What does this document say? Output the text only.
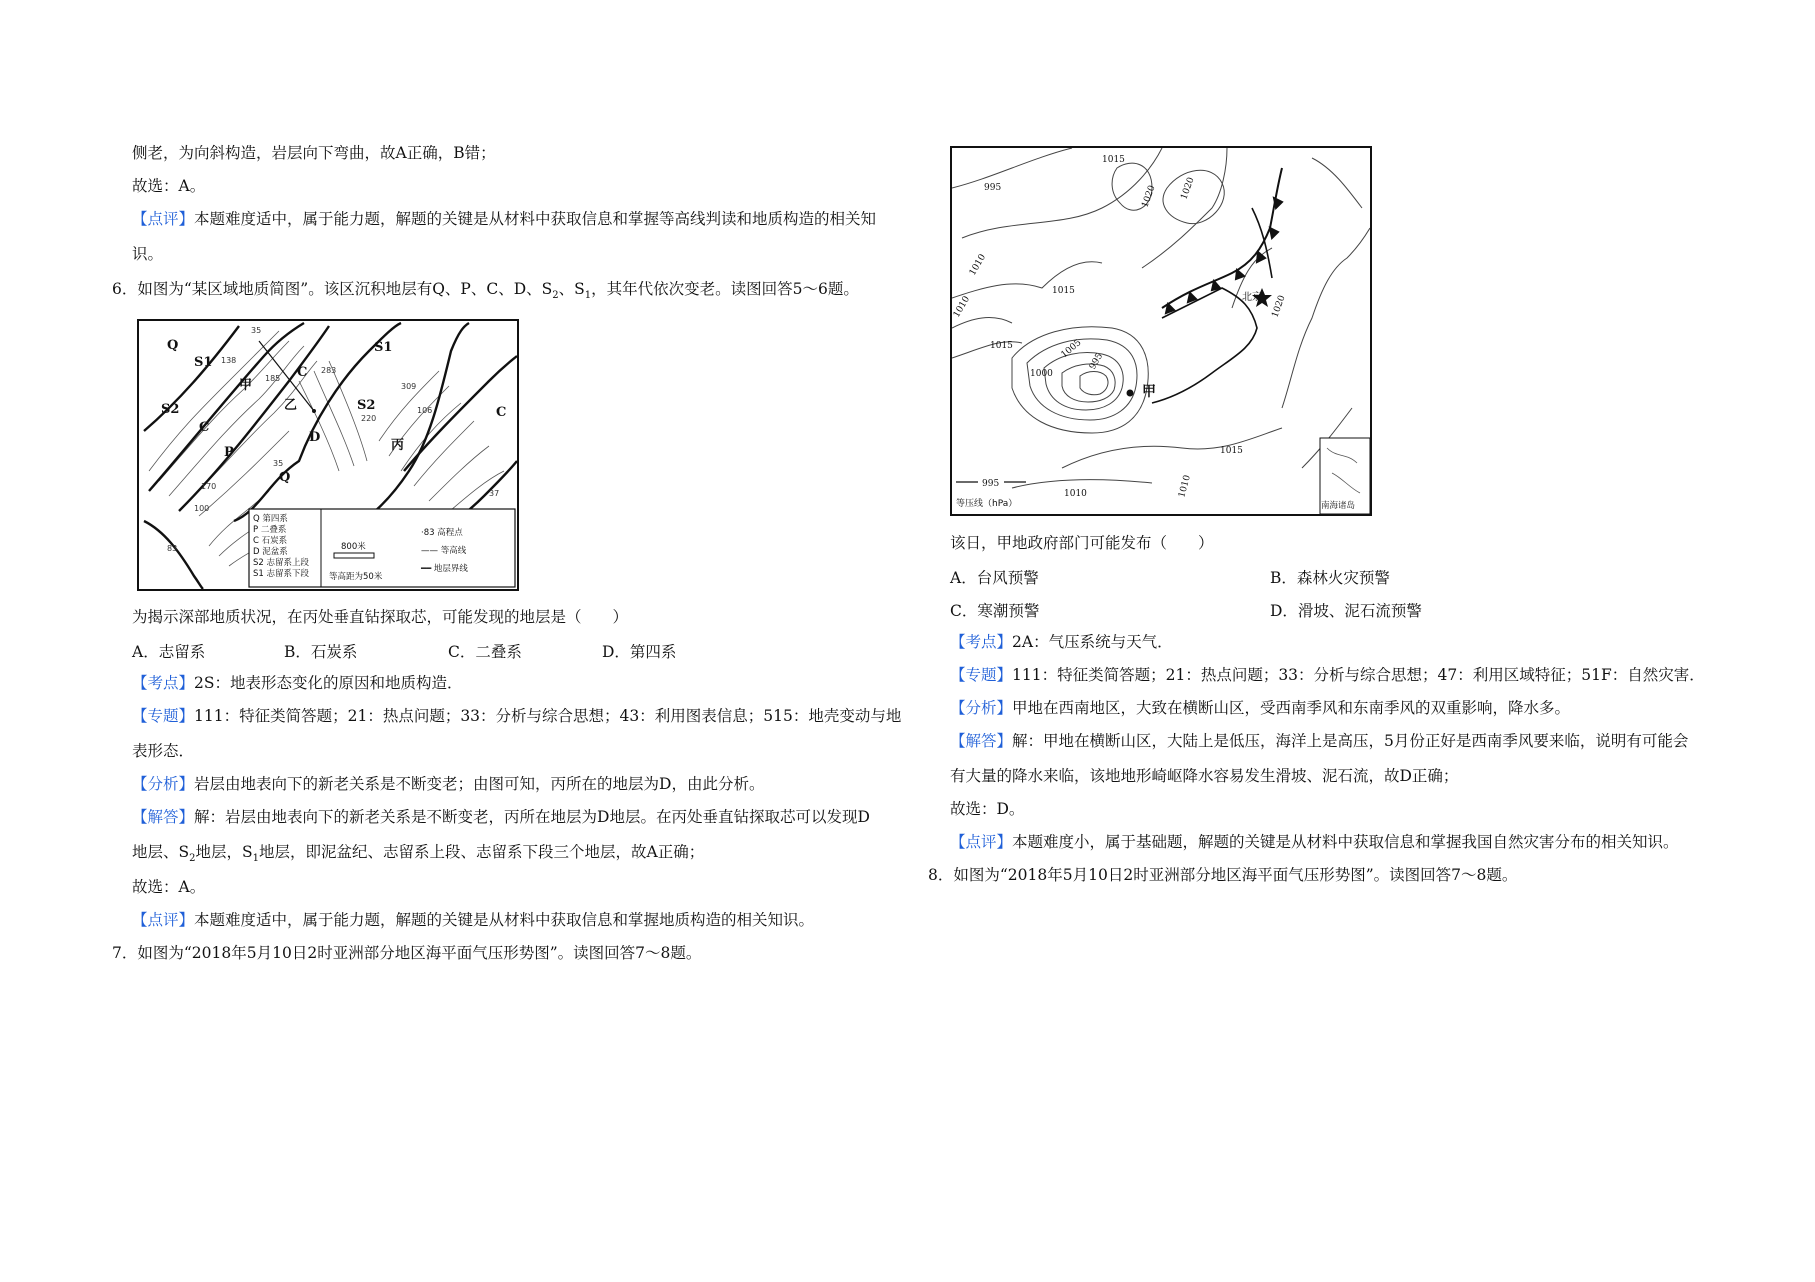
侧老，为向斜构造，岩层向下弯曲，故A正确，B错；
故选：A。
【点评】本题难度适中，属于能力题，解题的关键是从材料中获取信息和掌握等高线判读和地质构造的相关知
识。
6．如图为“某区域地质简图”。该区沉积地层有Q、P、C、D、$S_2$、$S_1$，其年代依次变老。读图回答5～6题。
Q
S1
S2
C
P
甲
乙
C
D
S1
S2	C
丙
Q
35
185
283
309
220
106
170
100
83
35
37
138
Q 第四系
P 二叠系
C 石炭系
D 泥盆系
S2 志留系上段
S1 志留系下段
800米
等高距为50米
·83 高程点
—— 等高线
━━ 地层界线
为揭示深部地质状况，在丙处垂直钻探取芯，可能发现的地层是（　　）
A．志留系	B．石炭系	C．二叠系	D．第四系
【考点】2S：地表形态变化的原因和地质构造．
【专题】111：特征类简答题；21：热点问题；33：分析与综合思想；43：利用图表信息；515：地壳变动与地
表形态．
【分析】岩层由地表向下的新老关系是不断变老；由图可知，丙所在的地层为D，由此分析。
【解答】解：岩层由地表向下的新老关系是不断变老，丙所在地层为D地层。在丙处垂直钻探取芯可以发现D
地层、$S_2$地层，$S_1$地层，即泥盆纪、志留系上段、志留系下段三个地层，故A正确；
故选：A。
【点评】本题难度适中，属于能力题，解题的关键是从材料中获取信息和掌握地质构造的相关知识。
7．如图为“2018年5月10日2时亚洲部分地区海平面气压形势图”。读图回答7～8题。
1015
995	1020 1020
1010
1015
1010
1015	1005
1000
995
1020
1015
1010	1010
甲
北京
995
等压线（hPa）	南海诸岛
该日，甲地政府部门可能发布（　　）
A．台风预警	B．森林火灾预警
C．寒潮预警	D．滑坡、泥石流预警
【考点】2A：气压系统与天气．
【专题】111：特征类简答题；21：热点问题；33：分析与综合思想；47：利用区域特征；51F：自然灾害．
【分析】甲地在西南地区，大致在横断山区，受西南季风和东南季风的双重影响，降水多。
【解答】解：甲地在横断山区，大陆上是低压，海洋上是高压，5月份正好是西南季风要来临，说明有可能会
有大量的降水来临，该地地形崎岖降水容易发生滑坡、泥石流，故D正确；
故选：D。
【点评】本题难度小，属于基础题，解题的关键是从材料中获取信息和掌握我国自然灾害分布的相关知识。
8．如图为“2018年5月10日2时亚洲部分地区海平面气压形势图”。读图回答7～8题。
